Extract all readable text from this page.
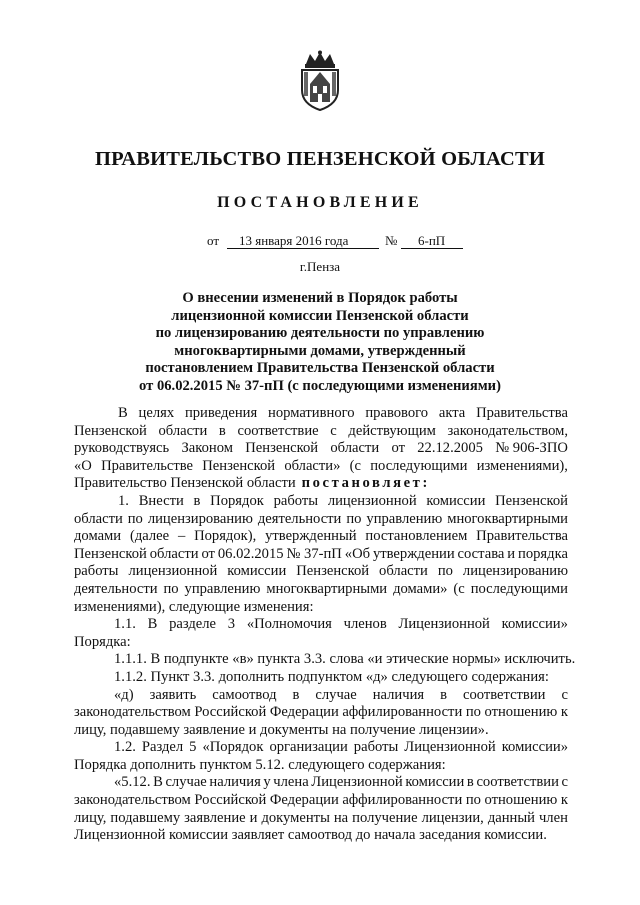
ПРАВИТЕЛЬСТВО ПЕНЗЕНСКОЙ ОБЛАСТИ
ПОСТАНОВЛЕНИЕ
от 13 января 2016 года	№ 6-пП
г.Пенза
О внесении изменений в Порядок работы
лицензионной комиссии Пензенской области
по лицензированию деятельности по управлению
многоквартирными домами, утвержденный
постановлением Правительства Пензенской области
от 06.02.2015 № 37-пП (с последующими изменениями)
В целях приведения нормативного правового акта Правительства
Пензенской области в соответствие с действующим законодательством,
руководствуясь Законом Пензенской области от 22.12.2005 № 906-ЗПО
«О Правительстве Пензенской области» (с последующими изменениями),
Правительство Пензенской области постановляет:
1. Внести в Порядок работы лицензионной комиссии Пензенской
области по лицензированию деятельности по управлению многоквартирными
домами (далее – Порядок), утвержденный постановлением Правительства
Пензенской области от 06.02.2015 № 37-пП «Об утверждении состава и порядка
работы лицензионной комиссии Пензенской области по лицензированию
деятельности по управлению многоквартирными домами» (с последующими
изменениями), следующие изменения:
1.1. В разделе 3 «Полномочия членов Лицензионной комиссии»
Порядка:
1.1.1. В подпункте «в» пункта 3.3. слова «и этические нормы» исключить.
1.1.2. Пункт 3.3. дополнить подпунктом «д» следующего содержания:
«д) заявить самоотвод в случае наличия в соответствии с
законодательством Российской Федерации аффилированности по отношению к
лицу, подавшему заявление и документы на получение лицензии».
1.2. Раздел 5 «Порядок организации работы Лицензионной комиссии»
Порядка дополнить пунктом 5.12. следующего содержания:
«5.12. В случае наличия у члена Лицензионной комиссии в соответствии с
законодательством Российской Федерации аффилированности по отношению к
лицу, подавшему заявление и документы на получение лицензии, данный член
Лицензионной комиссии заявляет самоотвод до начала заседания комиссии.
